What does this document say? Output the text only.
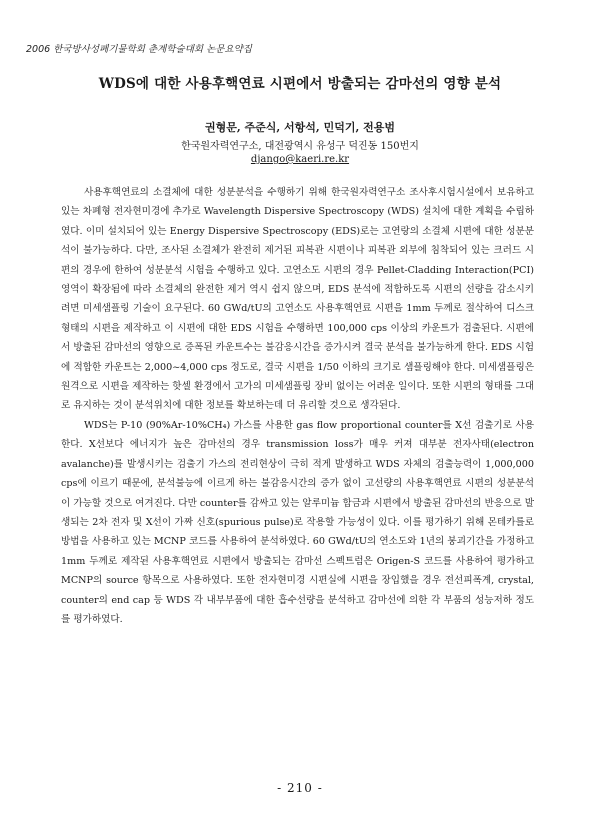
2006 한국방사성폐기물학회 춘계학술대회 논문요약집
WDS에 대한 사용후핵연료 시편에서 방출되는 감마선의 영향 분석
권형문, 주준식, 서항석, 민덕기, 전용범
한국원자력연구소, 대전광역시 유성구 덕진동 150번지
django@kaeri.re.kr

사용후핵연료의 소결체에 대한 성분분석을 수행하기 위해 한국원자력연구소 조사후시험시설에서 보유하고 있는 차폐형 전자현미경에 추가로 Wavelength Dispersive Spectroscopy (WDS) 설치에 대한 계획을 수립하였다. 이미 설치되어 있는 Energy Dispersive Spectroscopy (EDS)로는 고연랑의 소결체 시편에 대한 성분분석이 불가능하다. 다만, 조사된 소결체가 완전히 제거된 피복관 시편이나 피복관 외부에 침착되어 있는 크러드 시편의 경우에 한하여 성분분석 시험을 수행하고 있다. 고연소도 시편의 경우 Pellet-Cladding Interaction(PCI) 영역이 확장됨에 따라 소결체의 완전한 제거 역시 쉽지 않으며, EDS 분석에 적합하도록 시편의 선량을 감소시키려면 미세샘플링 기술이 요구된다. 60 GWd/tU의 고연소도 사용후핵연료 시편을 1mm 두께로 절삭하여 디스크 형태의 시편을 제작하고 이 시편에 대한 EDS 시험을 수행하면 100,000 cps 이상의 카운트가 검출된다. 시편에서 방출된 감마선의 영향으로 증폭된 카운트수는 불감응시간을 증가시켜 결국 분석을 불가능하게 한다. EDS 시험에 적합한 카운트는 2,000~4,000 cps 정도로, 결국 시편을 1/50 이하의 크기로 샘플링해야 한다. 미세샘플링은 원격으로 시편을 제작하는 핫셀 환경에서 고가의 미세샘플링 장비 없이는 어려운 일이다. 또한 시편의 형태를 그대로 유지하는 것이 분석위치에 대한 정보를 확보하는데 더 유리할 것으로 생각된다.

WDS는 P-10 (90%Ar-10%CH₄) 가스를 사용한 gas flow proportional counter를 X선 검출기로 사용한다. X선보다 에너지가 높은 감마선의 경우 transmission loss가 매우 커져 대부분 전자사태(electron avalanche)를 발생시키는 검출기 가스의 전리현상이 극히 적게 발생하고 WDS 자체의 검출능력이 1,000,000 cps에 이르기 때문에, 분석불능에 이르게 하는 불감응시간의 증가 없이 고선량의 사용후핵연료 시편의 성분분석이 가능할 것으로 여겨진다. 다만 counter를 감싸고 있는 알루미늄 합금과 시편에서 방출된 감마선의 반응으로 발생되는 2차 전자 및 X선이 가짜 신호(spurious pulse)로 작용할 가능성이 있다. 이를 평가하기 위해 몬테카를로 방법을 사용하고 있는 MCNP 코드를 사용하여 분석하였다. 60 GWd/tU의 연소도와 1년의 붕괴기간을 가정하고 1mm 두께로 제작된 사용후핵연료 시편에서 방출되는 감마선 스펙트럼은 Origen-S 코드를 사용하여 평가하고 MCNP의 source 항목으로 사용하였다. 또한 전자현미경 시편실에 시편을 장입했을 경우 전선피폭계, crystal, counter의 end cap 등 WDS 각 내부부품에 대한 흡수선량을 분석하고 감마선에 의한 각 부품의 성능저하 정도를 평가하였다.

- 210 -
